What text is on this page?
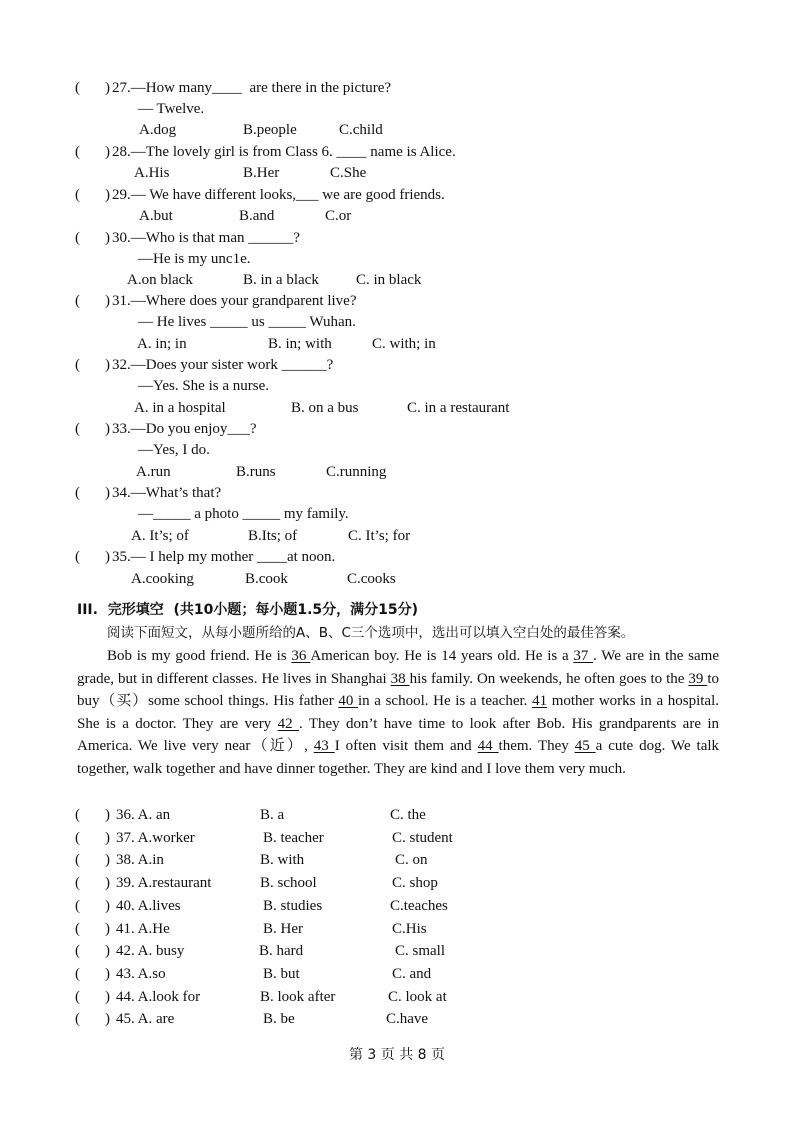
( ) 27.—How many____  are there in the picture?
— Twelve.
A.dog	B.people	C.child
( ) 28.—The lovely girl is from Class 6. ____ name is Alice.
A.His	B.Her	C.She
( ) 29.— We have different looks,___ we are good friends.
A.but	B.and	C.or
( ) 30.—Who is that man ______?
—He is my unc1e.
A.on black	B. in a black C. in black
( ) 31.—Where does your grandparent live?
— He lives _____ us _____ Wuhan.
A. in; in	B. in; with	C. with; in
( ) 32.—Does your sister work ______?
—Yes. She is a nurse.
A. in a hospital	B. on a bus	C. in a restaurant
( ) 33.—Do you enjoy___?
—Yes, I do.
A.run	B.runs	C.running
( ) 34.—What’s that?
—_____ a photo _____ my family.
A. It’s; of	B.Its; of	C. It’s; for
( ) 35.— I help my mother ____at noon.
A.cooking	B.cook	C.cooks
III.  完形填空  (共10小题；每小题1.5分，满分15分)
阅读下面短文，从每小题所给的A、B、C三个选项中，选出可以填入空白处的最佳答案。

Bob is my good friend. He is 36 American boy. He is 14 years old. He is a 37 . We are in the same grade, but in different classes. He lives in Shanghai 38 his family. On weekends, he often goes to the 39 to buy（买）some school things. His father 40 in a school. He is a teacher. 41 mother works in a hospital. She is a doctor. They are very 42 . They don’t have time to look after Bob. His grandparents are in America. We live very near（近）, 43 I often visit them and 44 them. They 45 a cute dog. We talk together, walk together and have dinner together. They are kind and I love them very much.

( ) 36. A. an	B. a	C. the
( ) 37. A.worker	B. teacher	C. student
( ) 38. A.in	B. with	C. on
( ) 39. A.restaurant	B. school	C. shop
( ) 40. A.lives	B. studies	C.teaches
( ) 41. A.He	B. Her	C.His
( ) 42. A. busy	B. hard	C. small
( ) 43. A.so	B. but	C. and
( ) 44. A.look for	B. look after	C. look at
( ) 45. A. are	B. be	C.have
第 3 页 共 8 页
